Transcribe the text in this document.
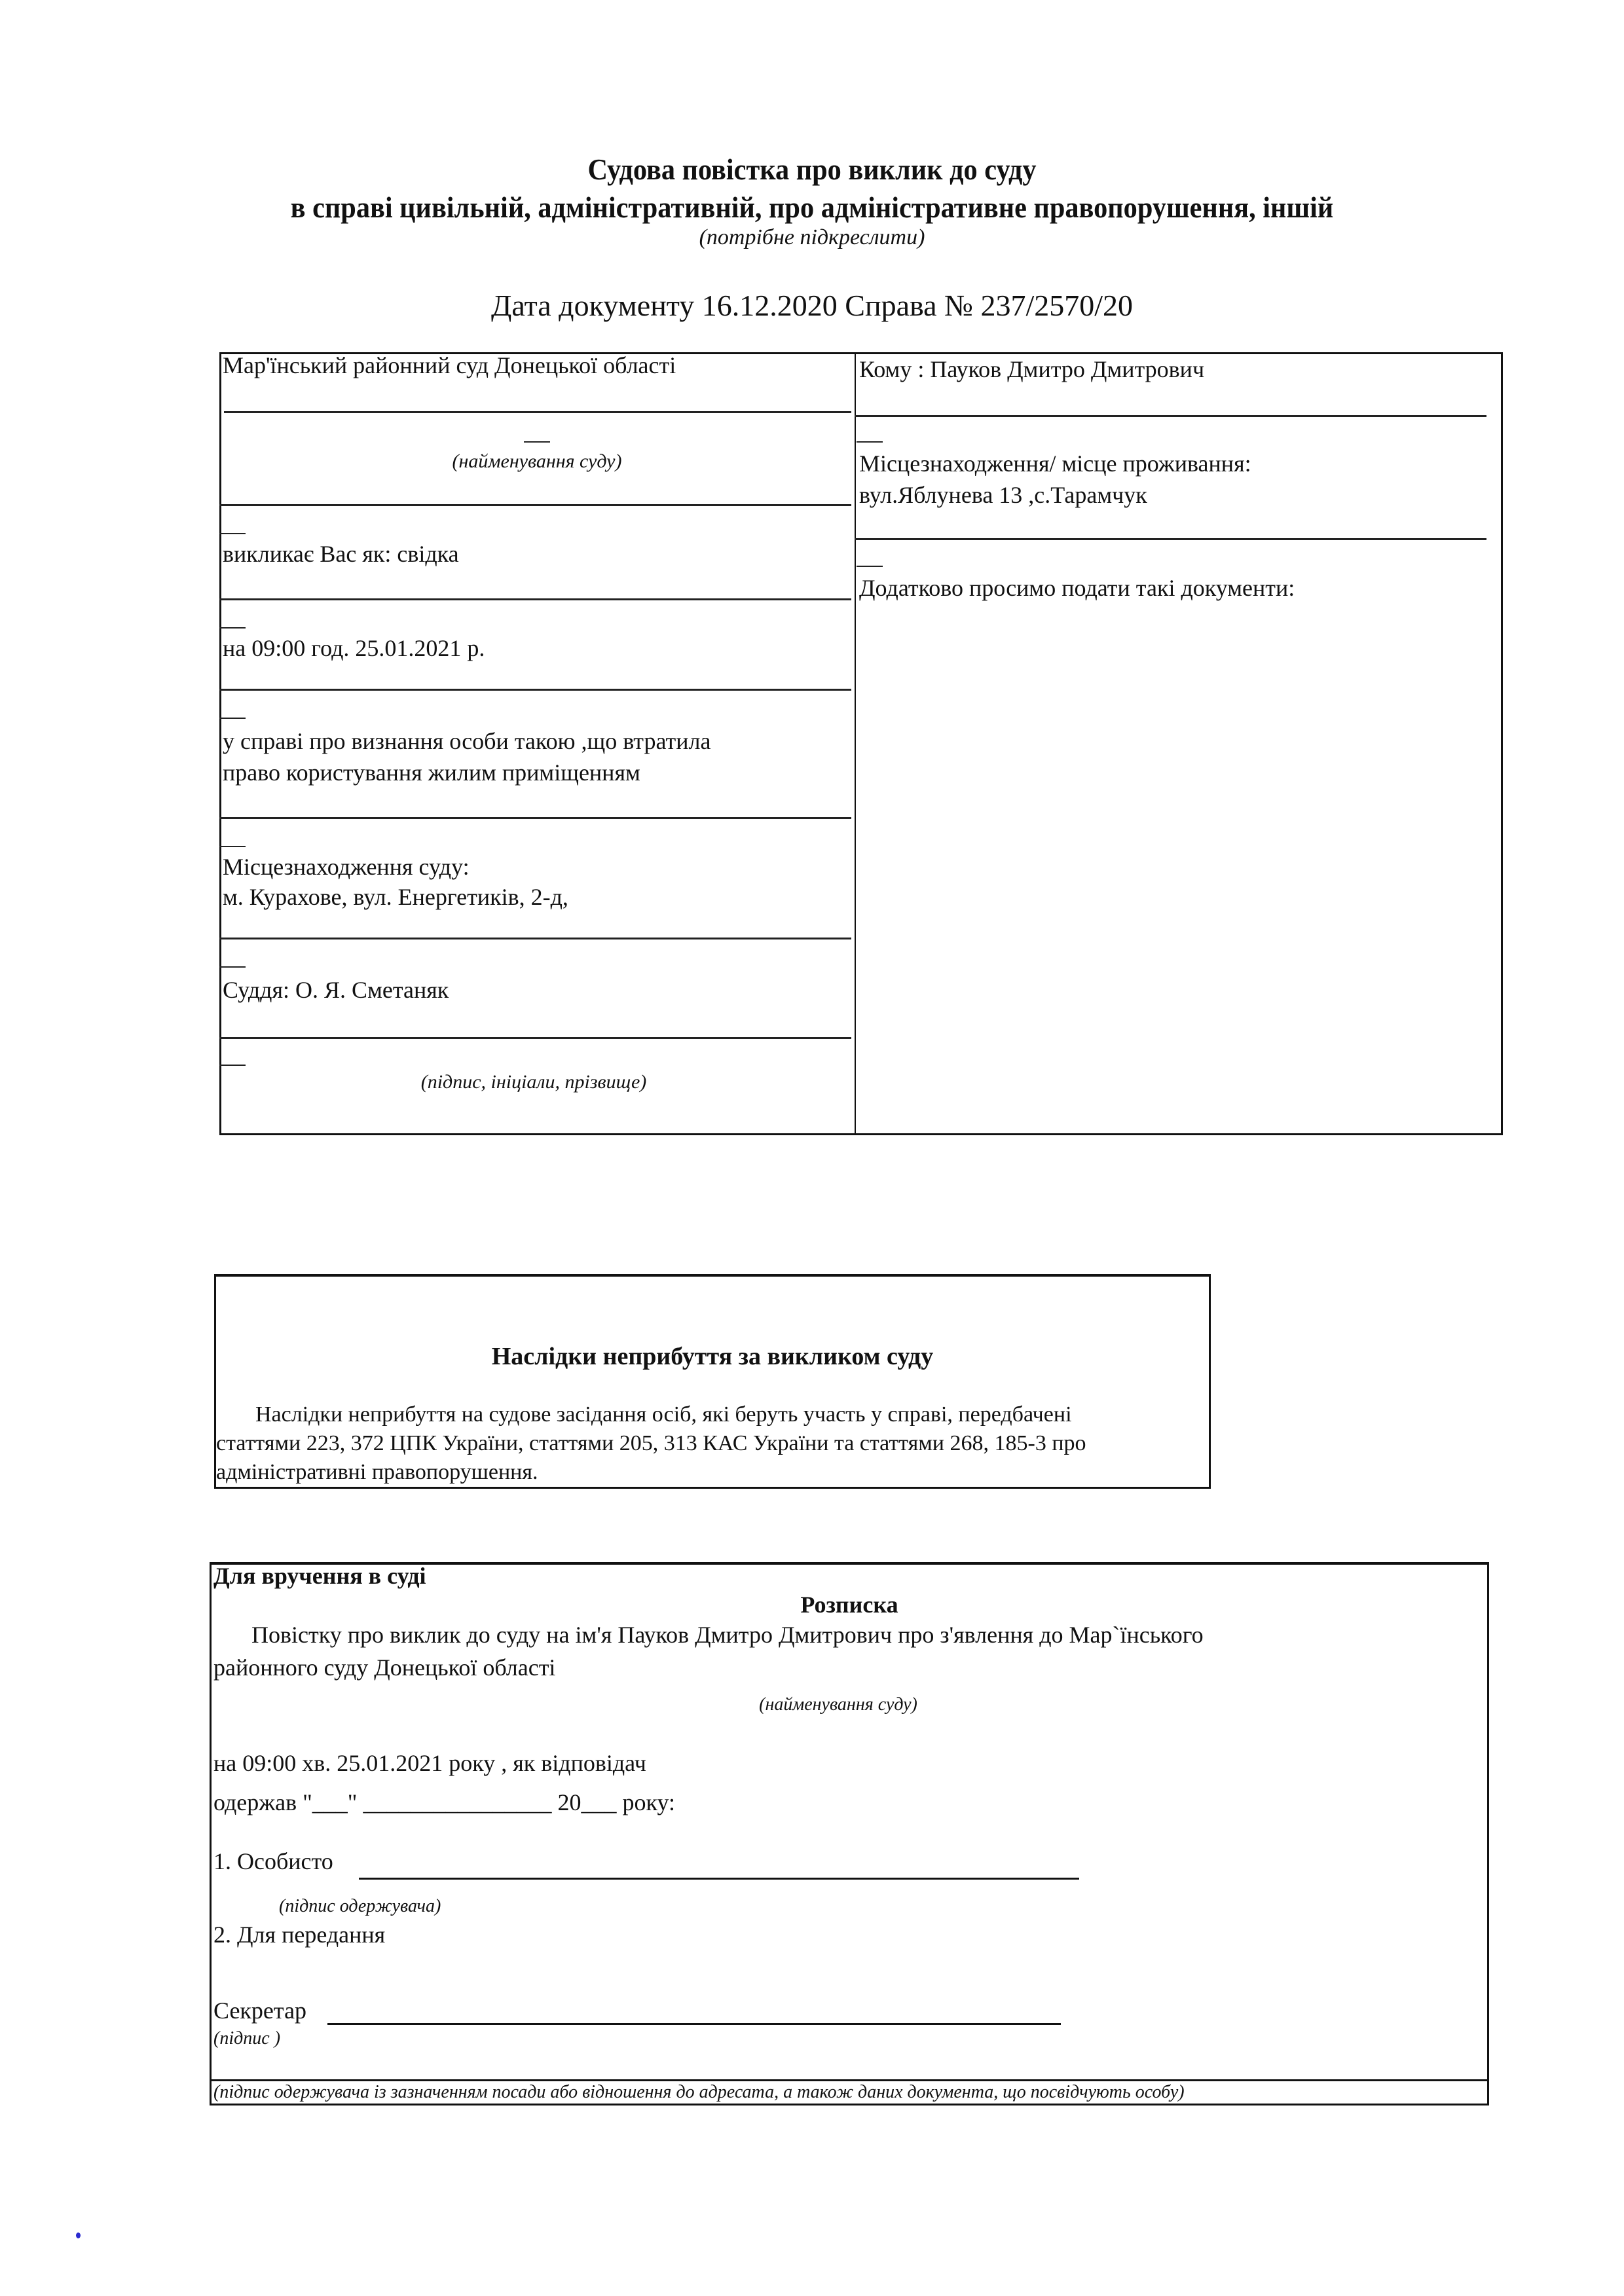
Судова повістка про виклик до суду
в справі цивільній, адміністративній, про адміністративне правопорушення, іншій
(потрібне підкреслити)
Дата документу 16.12.2020 Справа № 237/2570/20
Мар'їнський районний суд Донецької області
(найменування суду)
викликає Вас як: свідка
на 09:00 год. 25.01.2021 р.
у справі про визнання особи такою ,що втратила
право користування жилим приміщенням
Місцезнаходження суду:
м. Курахове, вул. Енергетиків, 2-д,
Суддя: О. Я. Сметаняк
(підпис, ініціали, прізвище)
Кому : Пауков Дмитро Дмитрович
Місцезнаходження/ місце проживання:
вул.Яблунева 13 ,с.Тарамчук
Додатково просимо подати такі документи:
Наслідки неприбуття за викликом суду
Наслідки неприбуття на судове засідання осіб, які беруть участь у справі, передбачені
статтями 223, 372 ЦПК України, статтями 205, 313 КАС України та статтями 268, 185-3 про
адміністративні правопорушення.
Для вручення в суді
Розписка
Повістку про виклик до суду на ім'я Пауков Дмитро Дмитрович про з'явлення до Мар`їнського
районного суду Донецької області
(найменування суду)
на 09:00 хв. 25.01.2021 року , як відповідач
одержав "___" ________________ 20___ року:
1. Особисто
(підпис одержувача)
2. Для передання
Секретар
(підпис )
(підпис одержувача із зазначенням посади або відношення до адресата, а також даних документа, що посвідчують особу)
